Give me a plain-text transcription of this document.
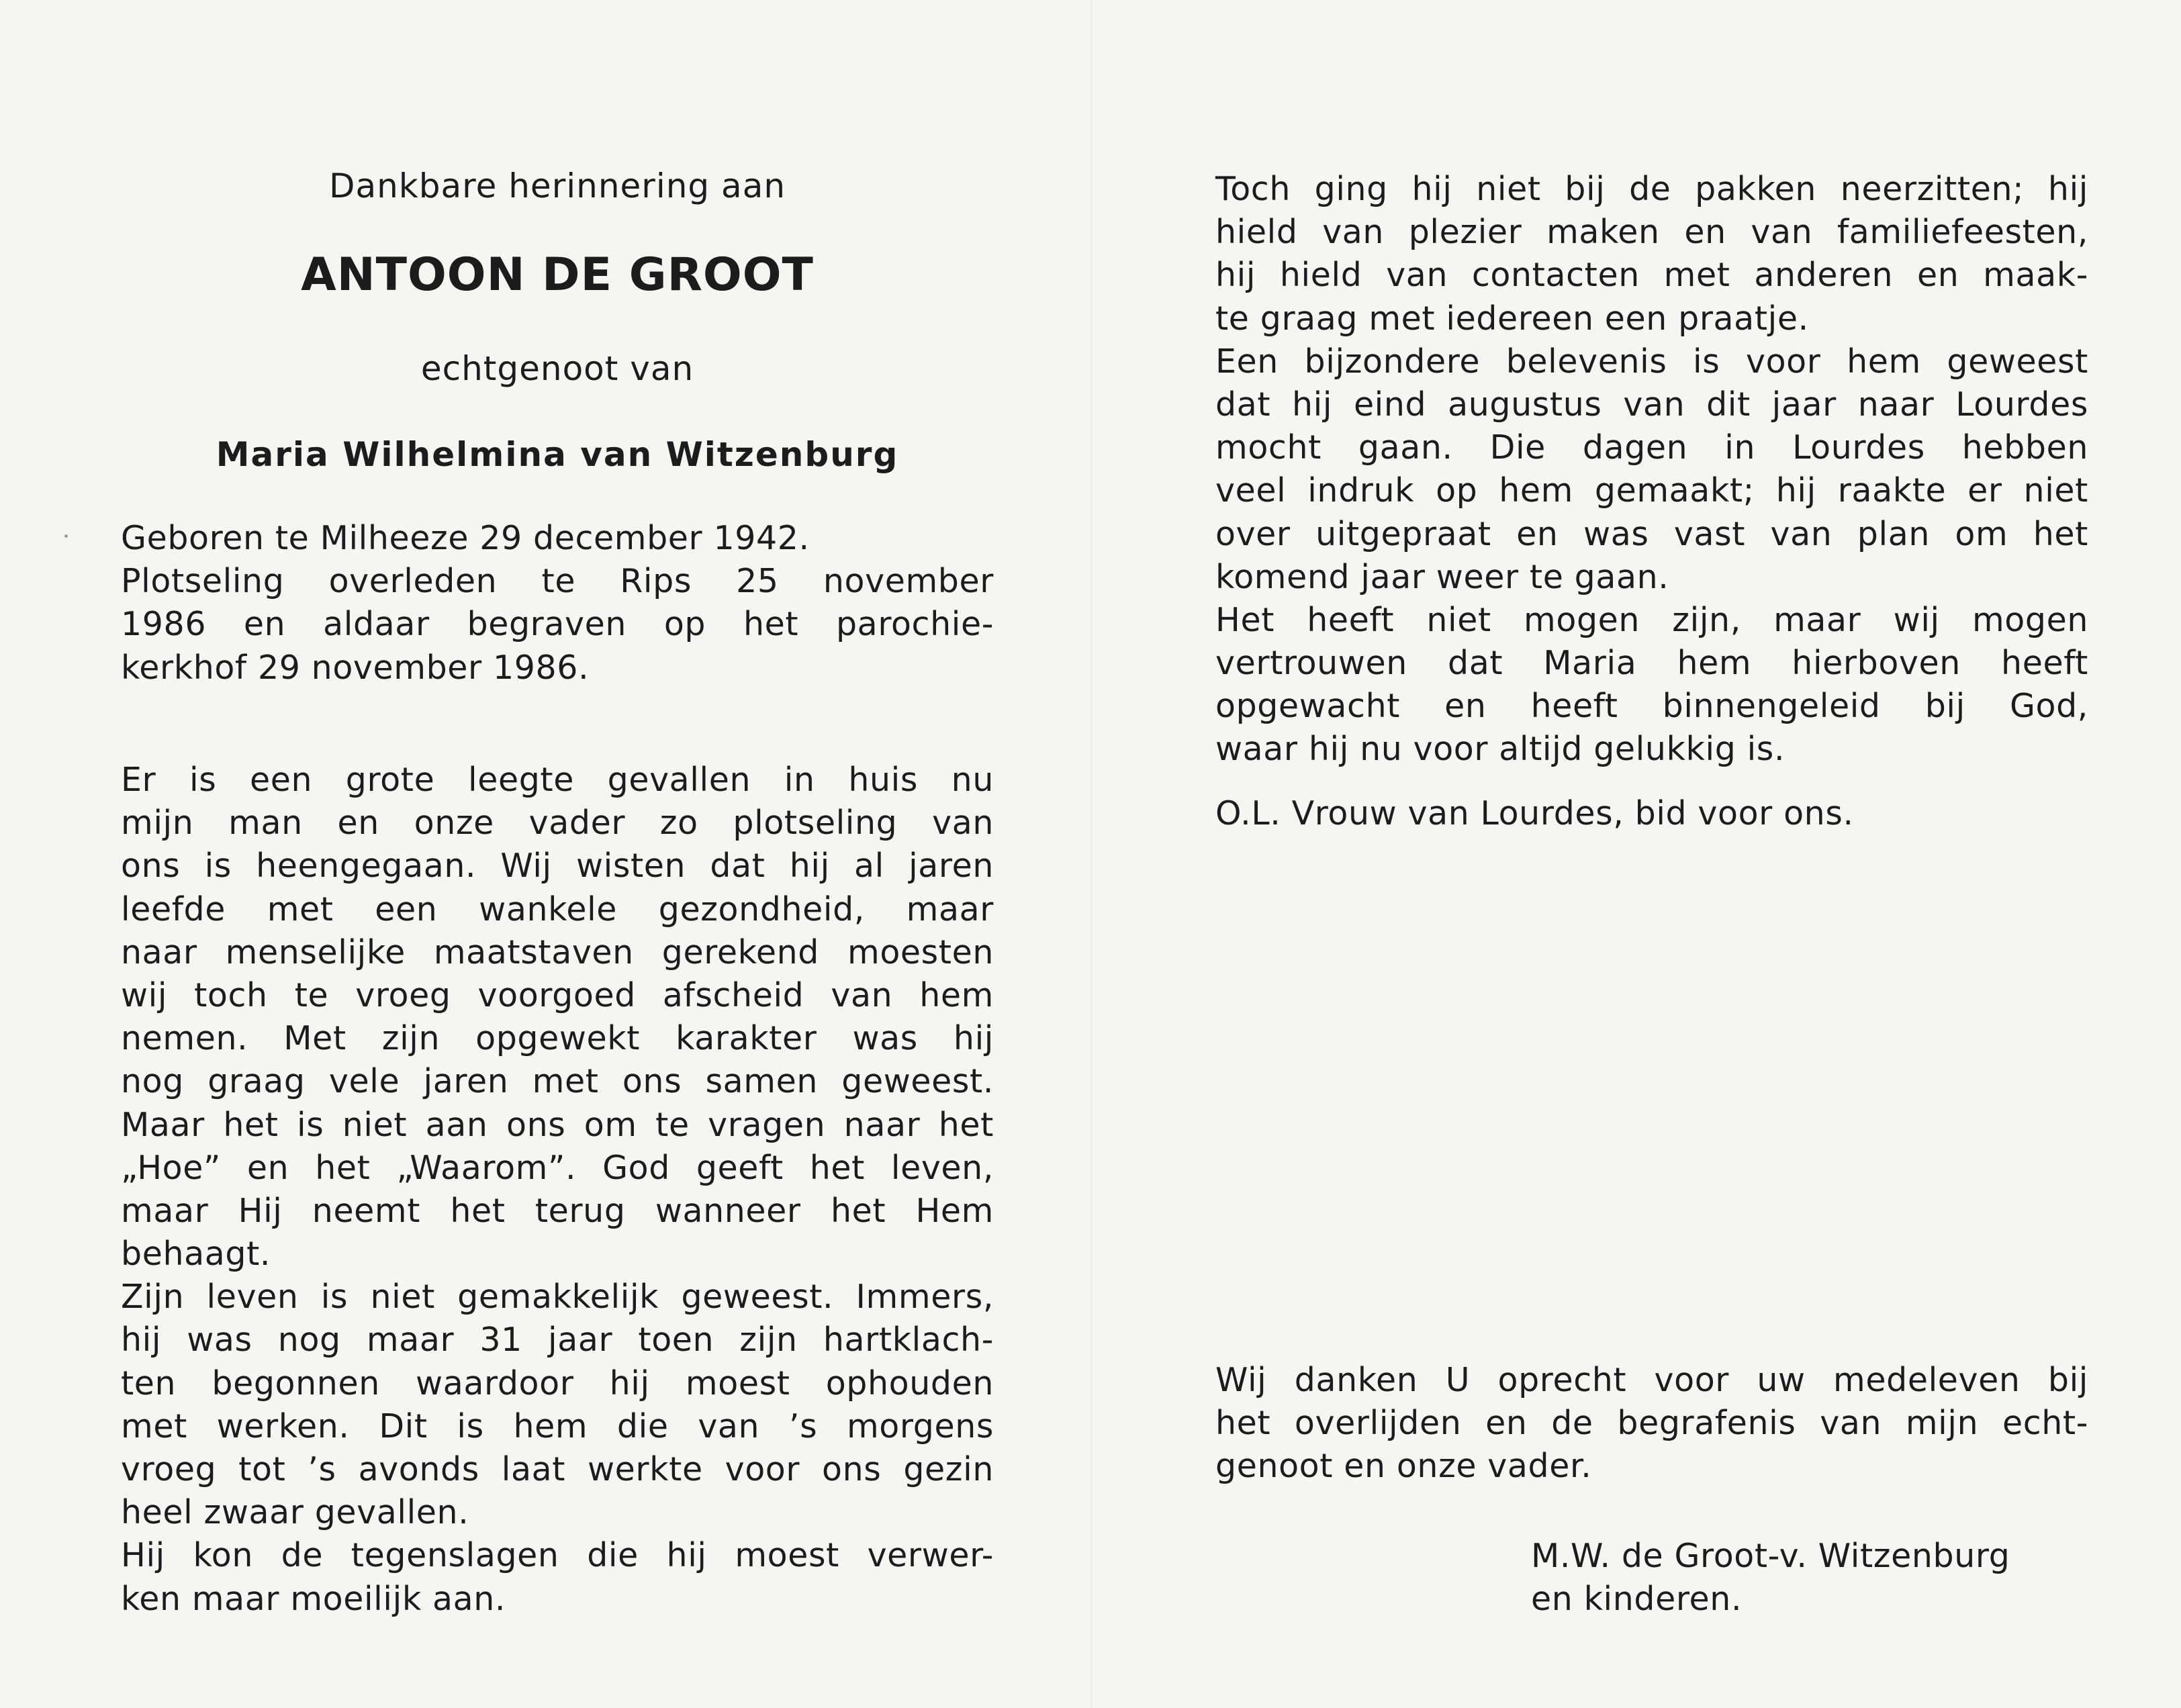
Dankbare herinnering aan
ANTOON DE GROOT
echtgenoot van
Maria Wilhelmina van Witzenburg
Geboren te Milheeze 29 december 1942.
Plotseling overleden te Rips 25 november
1986 en aldaar begraven op het parochie-
kerkhof 29 november 1986.
Er is een grote leegte gevallen in huis nu
mijn man en onze vader zo plotseling van
ons is heengegaan. Wij wisten dat hij al jaren
leefde met een wankele gezondheid, maar
naar menselijke maatstaven gerekend moesten
wij toch te vroeg voorgoed afscheid van hem
nemen. Met zijn opgewekt karakter was hij
nog graag vele jaren met ons samen geweest.
Maar het is niet aan ons om te vragen naar het
„Hoe” en het „Waarom”. God geeft het leven,
maar Hij neemt het terug wanneer het Hem
behaagt.
Zijn leven is niet gemakkelijk geweest. Immers,
hij was nog maar 31 jaar toen zijn hartklach-
ten begonnen waardoor hij moest ophouden
met werken. Dit is hem die van ’s morgens
vroeg tot ’s avonds laat werkte voor ons gezin
heel zwaar gevallen.
Hij kon de tegenslagen die hij moest verwer-
ken maar moeilijk aan.
Toch ging hij niet bij de pakken neerzitten; hij
hield van plezier maken en van familiefeesten,
hij hield van contacten met anderen en maak-
te graag met iedereen een praatje.
Een bijzondere belevenis is voor hem geweest
dat hij eind augustus van dit jaar naar Lourdes
mocht gaan. Die dagen in Lourdes hebben
veel indruk op hem gemaakt; hij raakte er niet
over uitgepraat en was vast van plan om het
komend jaar weer te gaan.
Het heeft niet mogen zijn, maar wij mogen
vertrouwen dat Maria hem hierboven heeft
opgewacht en heeft binnengeleid bij God,
waar hij nu voor altijd gelukkig is.
O.L. Vrouw van Lourdes, bid voor ons.
Wij danken U oprecht voor uw medeleven bij
het overlijden en de begrafenis van mijn echt-
genoot en onze vader.
M.W. de Groot-v. Witzenburg
en kinderen.
